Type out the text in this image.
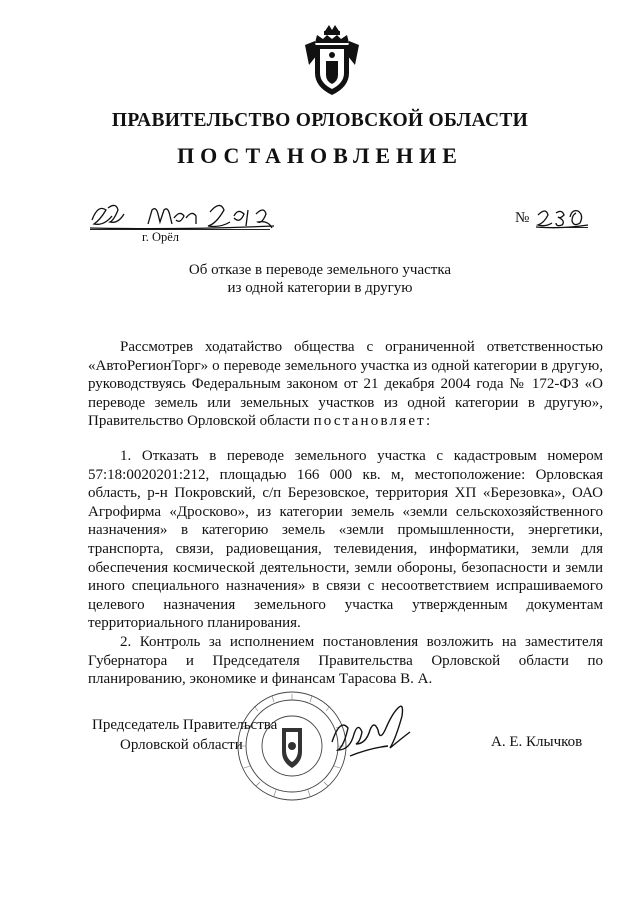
ПРАВИТЕЛЬСТВО ОРЛОВСКОЙ ОБЛАСТИ
ПОСТАНОВЛЕНИЕ
г. Орёл
№
Об отказе в переводе земельного участка
из одной категории в другую

Рассмотрев ходатайство общества с ограниченной ответственностью «АвтоРегионТорг» о переводе земельного участка из одной категории в другую, руководствуясь Федеральным законом от 21 декабря 2004 года № 172-ФЗ «О переводе земель или земельных участков из одной категории в другую», Правительство Орловской области постановляет:

1. Отказать в переводе земельного участка с кадастровым номером 57:18:0020201:212, площадью 166 000 кв. м, местоположение: Орловская область, р-н Покровский, с/п Березовское, территория ХП «Березовка», ОАО Агрофирма «Дросково», из категории земель «земли сельскохозяйственного назначения» в категорию земель «земли промышленности, энергетики, транспорта, связи, радиовещания, телевидения, информатики, земли для обеспечения космической деятельности, земли обороны, безопасности и земли иного специального назначения» в связи с несоответствием испрашиваемого целевого назначения земельного участка утвержденным документам территориального планирования.

2. Контроль за исполнением постановления возложить на заместителя Губернатора и Председателя Правительства Орловской области по планированию, экономике и финансам Тарасова В. А.

Председатель Правительства
Орловской области	А. Е. Клычков
